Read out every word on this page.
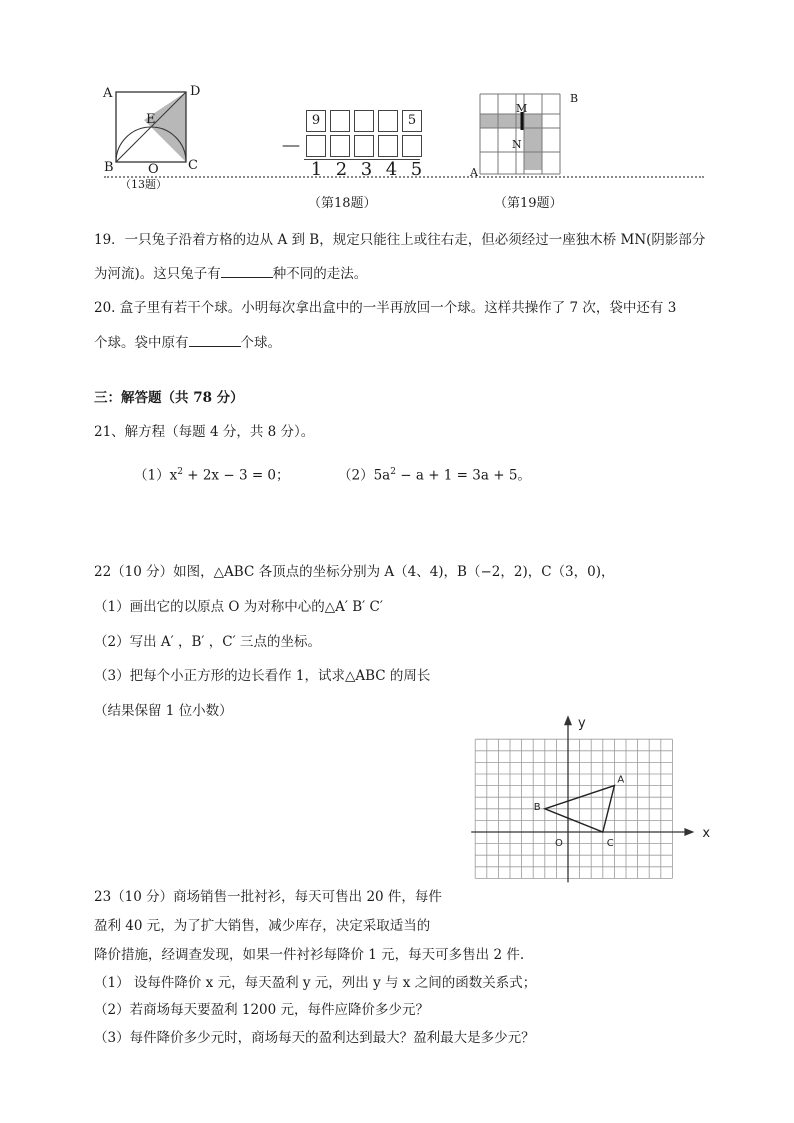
A	D
E
B	O C
（13题）
9	5
－
1 2 3 4 5
（第18题）
M
N
B
A
（第19题）
19．一只兔子沿着方格的边从 A 到 B，规定只能往上或往右走，但必须经过一座独木桥 MN(阴影部分
为河流)。这只兔子有	种不同的走法。
20. 盒子里有若干个球。小明每次拿出盒中的一半再放回一个球。这样共操作了 7 次，袋中还有 3
个球。袋中原有	个球。
三：解答题（共 78 分）
21、解方程（每题 4 分，共 8 分）。
$(1)x^2 + 2x - 3 = 0$；	$(2)5a^2 - a + 1 = 3a + 5$。
22（10 分）如图，△ABC 各顶点的坐标分别为 A（4、4)，B（−2，2)，C（3，0)，
（1）画出它的以原点 O 为对称中心的△A′ B′ C′
（2）写出 A′ ，B′ ，C′ 三点的坐标。
（3）把每个小正方形的边长看作 1，试求△ABC 的周长
（结果保留 1 位小数）
x
y
O
A
B
C
23（10 分）商场销售一批衬衫，每天可售出 20 件，每件
盈利 40 元，为了扩大销售，减少库存，决定采取适当的
降价措施，经调查发现，如果一件衬衫每降价 1 元，每天可多售出 2 件.
（1） 设每件降价 x 元，每天盈利 y 元，列出 y 与 x 之间的函数关系式；
（2）若商场每天要盈利 1200 元，每件应降价多少元？
（3）每件降价多少元时，商场每天的盈利达到最大？盈利最大是多少元？
